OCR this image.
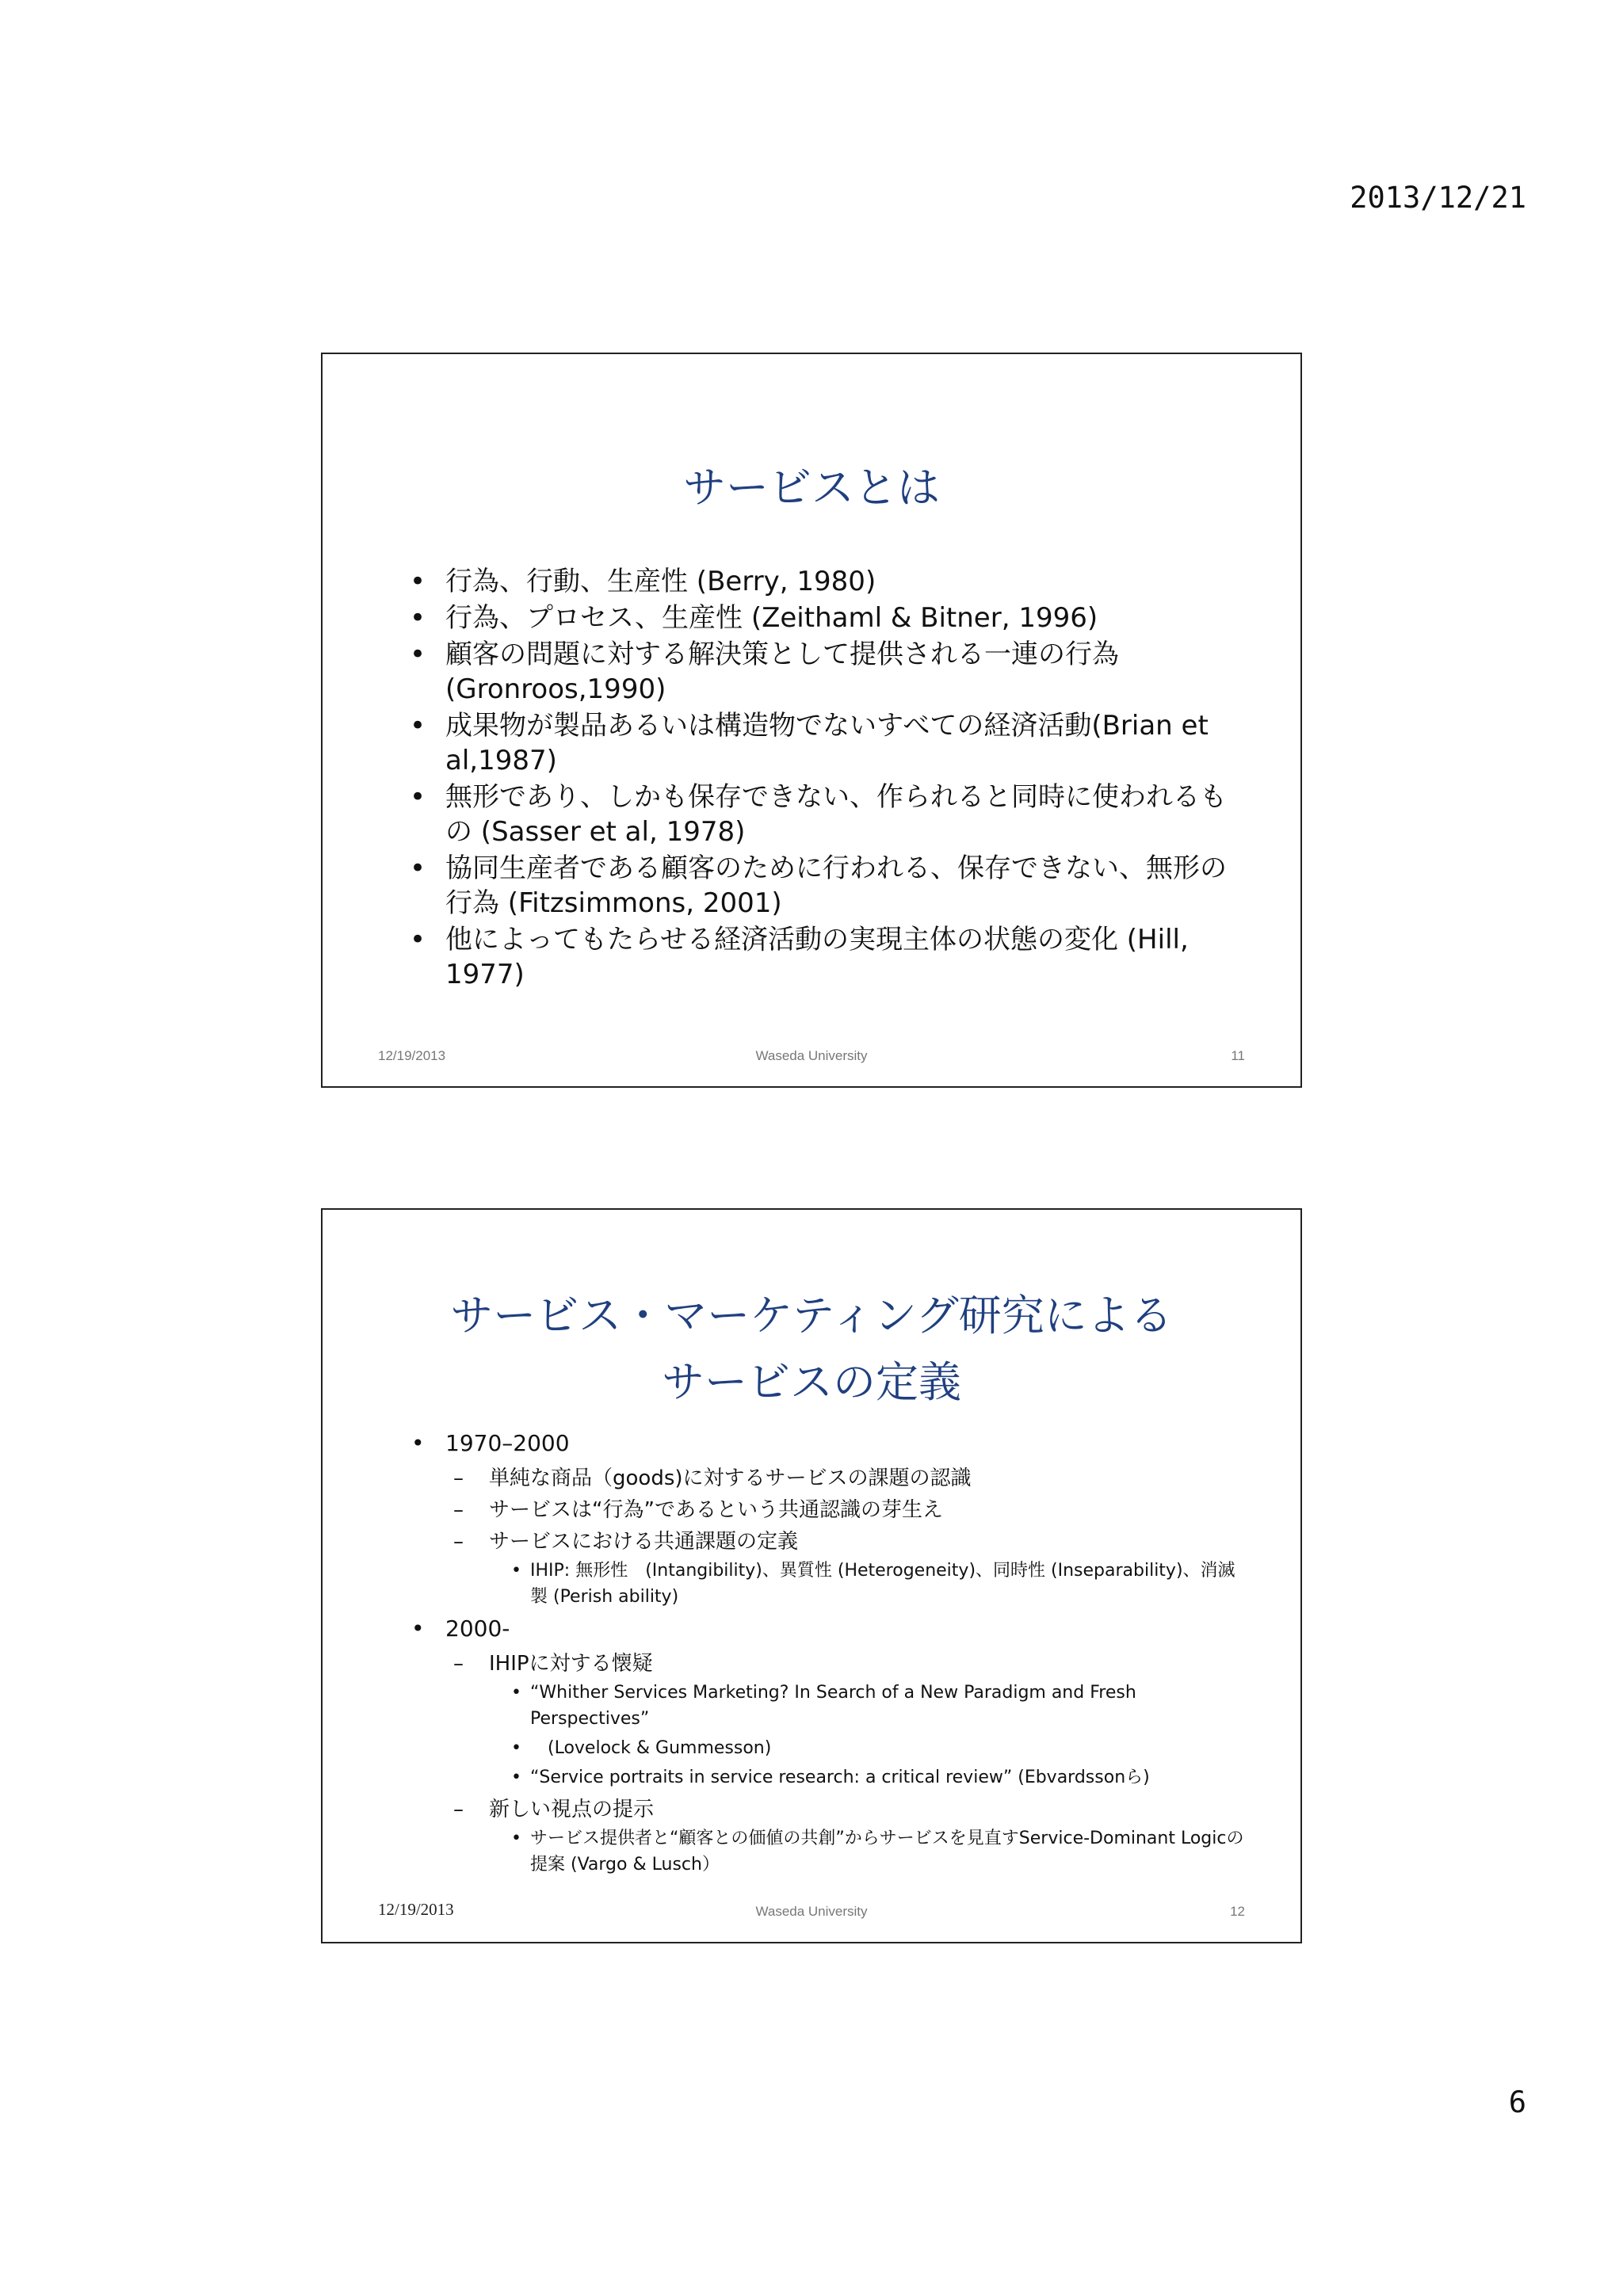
2013/12/21
サービスとは
• 行為、行動、生産性 (Berry, 1980)
• 行為、プロセス、生産性 (Zeithaml & Bitner, 1996)
• 顧客の問題に対する解決策として提供される一連の行為 (Gronroos,1990)
• 成果物が製品あるいは構造物でないすべての経済活動(Brian et al,1987)
• 無形であり、しかも保存できない、作られると同時に使われるもの (Sasser et al, 1978)
• 協同生産者である顧客のために行われる、保存できない、無形の行為 (Fitzsimmons, 2001)
• 他によってもたらせる経済活動の実現主体の状態の変化 (Hill, 1977)
12/19/2013	Waseda University	11
サービス・マーケティング研究による
サービスの定義
• 1970–2000
– 単純な商品（goods)に対するサービスの課題の認識
– サービスは“行為”であるという共通認識の芽生え
– サービスにおける共通課題の定義
• IHIP: 無形性　(Intangibility)、異質性 (Heterogeneity)、同時性 (Inseparability)、消滅製 (Perish ability)
• 2000-
– IHIPに対する懐疑
• “Whither Services Marketing? In Search of a New Paradigm and Fresh Perspectives”
• 　(Lovelock & Gummesson)
• “Service portraits in service research: a critical review” (Ebvardssonら)
– 新しい視点の提示
• サービス提供者と“顧客との価値の共創”からサービスを見直すService-Dominant Logicの提案 (Vargo & Lusch）
12/19/2013	Waseda University	12
6
